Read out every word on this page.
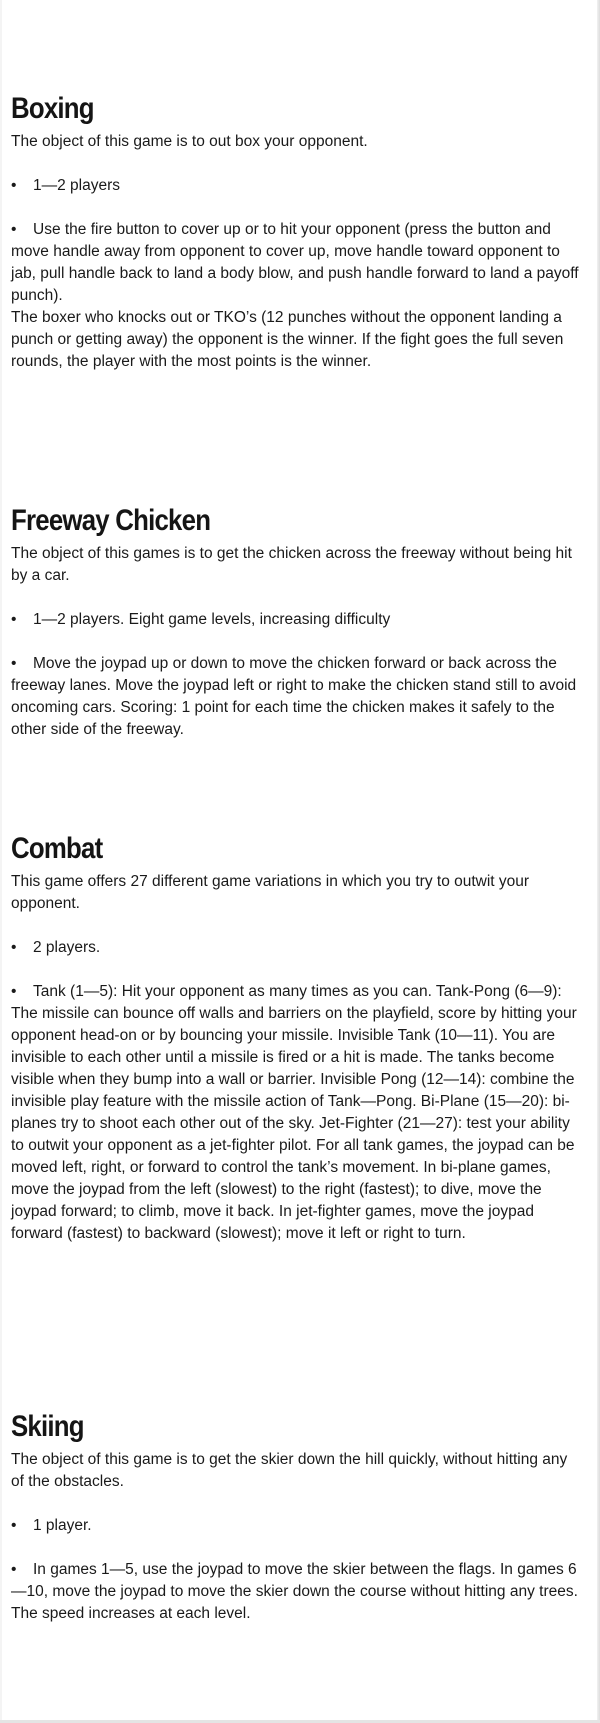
Boxing

The object of this game is to out box your opponent.

• 1—2 players

• Use the fire button to cover up or to hit your opponent (press the button and move handle away from opponent to cover up, move handle toward opponent to jab, pull handle back to land a body blow, and push handle forward to land a payoff punch).

The boxer who knocks out or TKO’s (12 punches without the opponent landing a punch or getting away) the opponent is the winner. If the fight goes the full seven rounds, the player with the most points is the winner.

Freeway Chicken

The object of this games is to get the chicken across the freeway without being hit by a car.

• 1—2 players. Eight game levels, increasing difficulty

• Move the joypad up or down to move the chicken forward or back across the freeway lanes. Move the joypad left or right to make the chicken stand still to avoid oncoming cars. Scoring: 1 point for each time the chicken makes it safely to the other side of the freeway.

Combat

This game offers 27 different game variations in which you try to outwit your opponent.

• 2 players.

• Tank (1—5): Hit your opponent as many times as you can. Tank-Pong (6—9): The missile can bounce off walls and barriers on the playfield, score by hitting your opponent head-on or by bouncing your missile. Invisible Tank (10—11). You are invisible to each other until a missile is fired or a hit is made. The tanks become visible when they bump into a wall or barrier. Invisible Pong (12—14): combine the invisible play feature with the missile action of Tank—Pong. Bi-Plane (15—20): bi-planes try to shoot each other out of the sky. Jet-Fighter (21—27): test your ability to outwit your opponent as a jet-fighter pilot. For all tank games, the joypad can be moved left, right, or forward to control the tank’s movement. In bi-plane games, move the joypad from the left (slowest) to the right (fastest); to dive, move the joypad forward; to climb, move it back. In jet-fighter games, move the joypad forward (fastest) to backward (slowest); move it left or right to turn.

Skiing

The object of this game is to get the skier down the hill quickly, without hitting any of the obstacles.

• 1 player.

• In games 1—5, use the joypad to move the skier between the flags. In games 6—10, move the joypad to move the skier down the course without hitting any trees. The speed increases at each level.
